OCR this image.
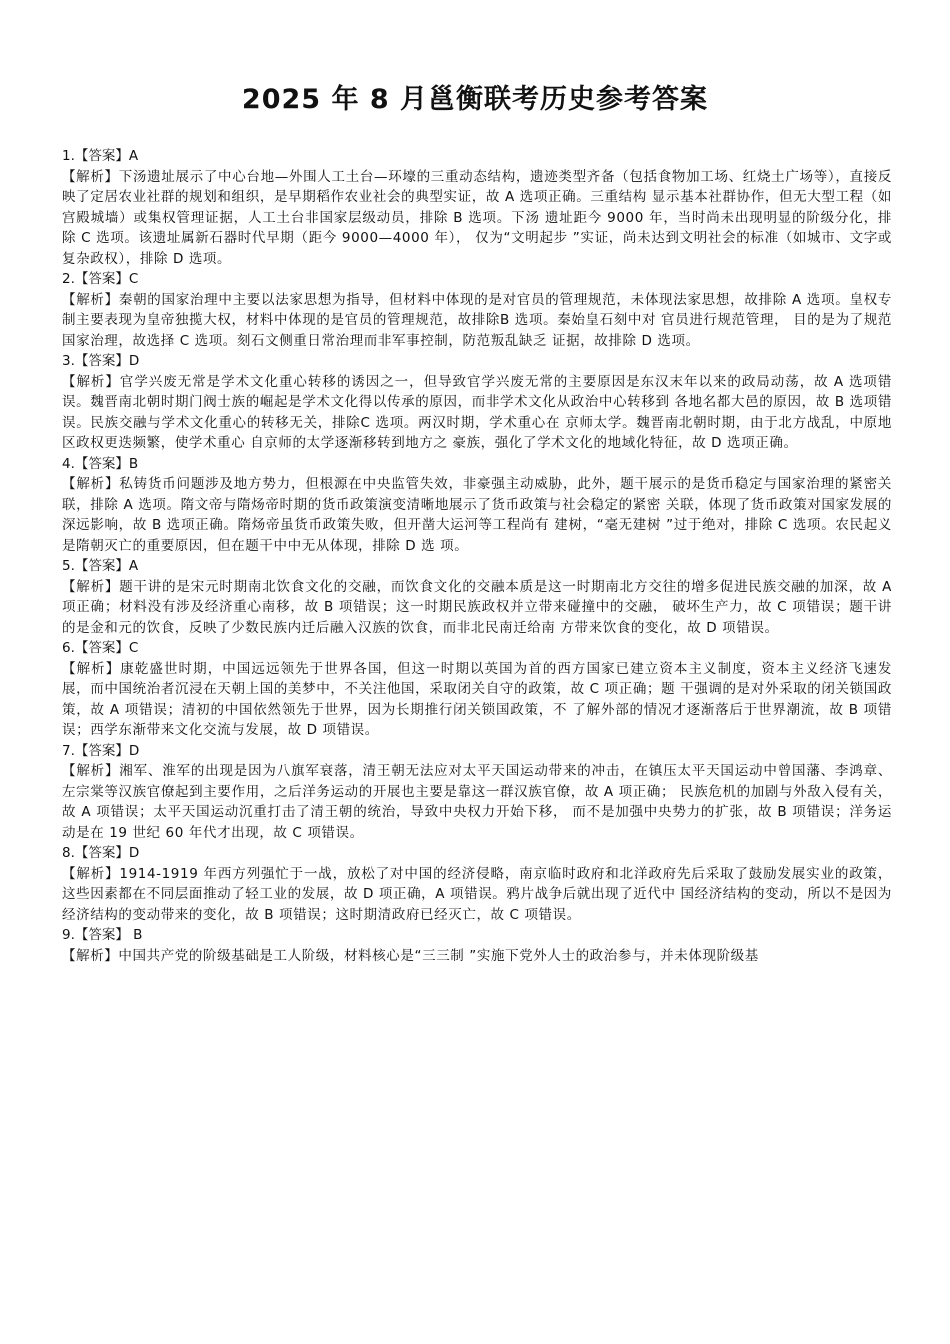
2025 年 8 月邕衡联考历史参考答案
1.【答案】A
【解析】下汤遗址展示了中心台地—外围人工土台—环壕的三重动态结构，遗迹类型齐备（包括食物加工场、红烧土广场等），直接反映了定居农业社群的规划和组织，是早期稻作农业社会的典型实证，故 A 选项正确。三重结构 显示基本社群协作，但无大型工程（如宫殿城墙）或集权管理证据，人工土台非国家层级动员，排除 B 选项。下汤 遗址距今 9000 年，当时尚未出现明显的阶级分化，排除 C 选项。该遗址属新石器时代早期（距今 9000—4000 年）， 仅为“文明起步 ”实证，尚未达到文明社会的标准（如城市、文字或复杂政权），排除 D 选项。
2.【答案】C
【解析】秦朝的国家治理中主要以法家思想为指导，但材料中体现的是对官员的管理规范，未体现法家思想，故排除 A 选项。皇权专制主要表现为皇帝独揽大权，材料中体现的是官员的管理规范，故排除B 选项。秦始皇石刻中对 官员进行规范管理， 目的是为了规范国家治理，故选择 C 选项。刻石文侧重日常治理而非军事控制，防范叛乱缺乏 证据，故排除 D 选项。
3.【答案】D
【解析】官学兴废无常是学术文化重心转移的诱因之一，但导致官学兴废无常的主要原因是东汉末年以来的政局动荡，故 A 选项错误。魏晋南北朝时期门阀士族的崛起是学术文化得以传承的原因，而非学术文化从政治中心转移到 各地名都大邑的原因，故 B 选项错误。民族交融与学术文化重心的转移无关，排除C 选项。两汉时期，学术重心在 京师太学。魏晋南北朝时期，由于北方战乱，中原地区政权更迭频繁，使学术重心 自京师的太学逐渐移转到地方之 豪族，强化了学术文化的地域化特征，故 D 选项正确。
4.【答案】B
【解析】私铸货币问题涉及地方势力，但根源在中央监管失效，非豪强主动威胁，此外，题干展示的是货币稳定与国家治理的紧密关联，排除 A 选项。隋文帝与隋炀帝时期的货币政策演变清晰地展示了货币政策与社会稳定的紧密 关联，体现了货币政策对国家发展的深远影响，故 B 选项正确。隋炀帝虽货币政策失败，但开凿大运河等工程尚有 建树，“毫无建树 ”过于绝对，排除 C 选项。农民起义是隋朝灭亡的重要原因，但在题干中中无从体现，排除 D 选 项。
5.【答案】A
【解析】题干讲的是宋元时期南北饮食文化的交融，而饮食文化的交融本质是这一时期南北方交往的增多促进民族交融的加深，故 A 项正确；材料没有涉及经济重心南移，故 B 项错误；这一时期民族政权并立带来碰撞中的交融， 破坏生产力，故 C 项错误；题干讲的是金和元的饮食，反映了少数民族内迁后融入汉族的饮食，而非北民南迁给南 方带来饮食的变化，故 D 项错误。
6.【答案】C
【解析】康乾盛世时期，中国远远领先于世界各国，但这一时期以英国为首的西方国家已建立资本主义制度，资本主义经济飞速发展，而中国统治者沉浸在天朝上国的美梦中，不关注他国，采取闭关自守的政策，故 C 项正确；题 干强调的是对外采取的闭关锁国政策，故 A 项错误；清初的中国依然领先于世界，因为长期推行闭关锁国政策，不 了解外部的情况才逐渐落后于世界潮流，故 B 项错误；西学东渐带来文化交流与发展，故 D 项错误。
7.【答案】D
【解析】湘军、淮军的出现是因为八旗军衰落，清王朝无法应对太平天国运动带来的冲击，在镇压太平天国运动中曾国藩、李鸿章、左宗棠等汉族官僚起到主要作用，之后洋务运动的开展也主要是靠这一群汉族官僚，故 A 项正确； 民族危机的加剧与外敌入侵有关，故 A 项错误；太平天国运动沉重打击了清王朝的统治，导致中央权力开始下移， 而不是加强中央势力的扩张，故 B 项错误；洋务运动是在 19 世纪 60 年代才出现，故 C 项错误。
8.【答案】D
【解析】1914-1919 年西方列强忙于一战，放松了对中国的经济侵略，南京临时政府和北洋政府先后采取了鼓励发展实业的政策，这些因素都在不同层面推动了轻工业的发展，故 D 项正确，A 项错误。鸦片战争后就出现了近代中 国经济结构的变动，所以不是因为经济结构的变动带来的变化，故 B 项错误；这时期清政府已经灭亡，故 C 项错误。
9.【答案】 B
【解析】中国共产党的阶级基础是工人阶级，材料核心是“三三制 ”实施下党外人士的政治参与，并未体现阶级基
